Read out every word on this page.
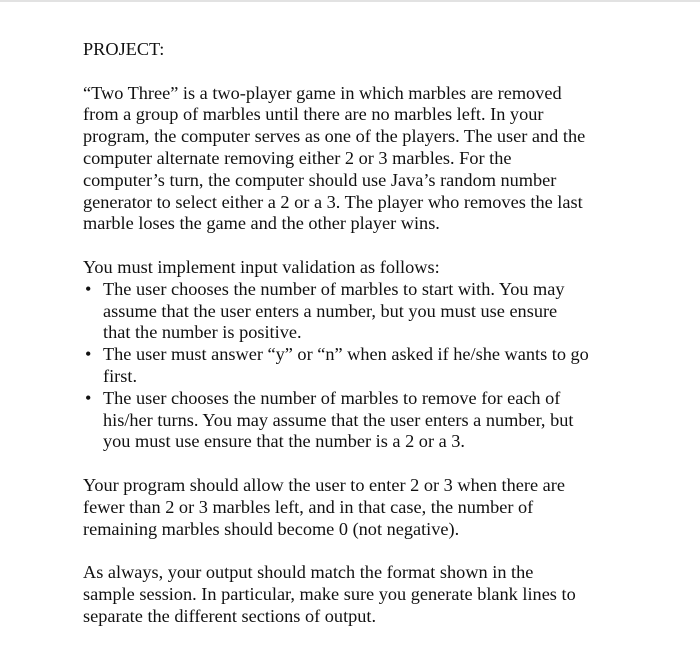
PROJECT:
“Two Three” is a two-player game in which marbles are removed
from a group of marbles until there are no marbles left. In your
program, the computer serves as one of the players. The user and the
computer alternate removing either 2 or 3 marbles. For the
computer’s turn, the computer should use Java’s random number
generator to select either a 2 or a 3. The player who removes the last
marble loses the game and the other player wins.
You must implement input validation as follows:
• The user chooses the number of marbles to start with. You may
assume that the user enters a number, but you must use ensure
that the number is positive.
• The user must answer “y” or “n” when asked if he/she wants to go
first.
• The user chooses the number of marbles to remove for each of
his/her turns. You may assume that the user enters a number, but
you must use ensure that the number is a 2 or a 3.
Your program should allow the user to enter 2 or 3 when there are
fewer than 2 or 3 marbles left, and in that case, the number of
remaining marbles should become 0 (not negative).
As always, your output should match the format shown in the
sample session. In particular, make sure you generate blank lines to
separate the different sections of output.
